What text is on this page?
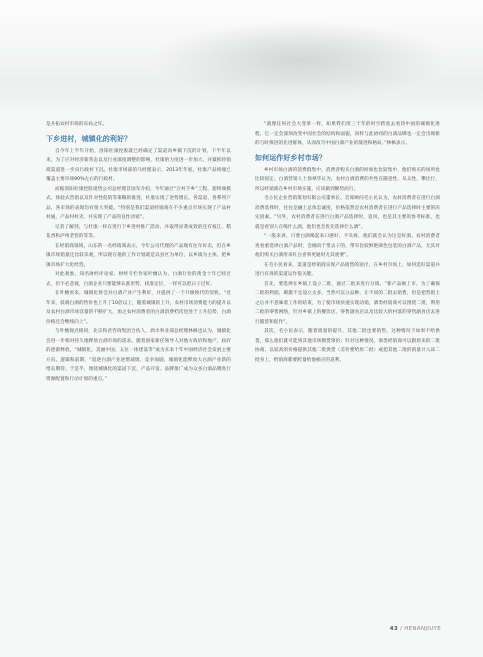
是开拓农村市场的布局之年。

下乡进村，城镇化的利好？

自今年上半年开始，洛阳杜康控股就已经确定了渠道向乡镇下沉的计划，下半年以来，为了应对经济新常态以及行业深度调整的影响，杜康的力度进一步加大，并紧抓经销商渠道进一步向行政村下沉。杜康市场部的马经理表示，2013年年底，杜康产品终端已覆盖主要市场90%左右的行政村。

而据洛阳杜康控股销售公司总经理首国军介绍，今年通过“万村千乡”工程、超终端模式、体验式营销以及针对性促销等策略的推进，杜康实现了逆势增长，各渠道、各系列产品、各市场的表现均有很大突破。“特别是我们渠道经销商在不少重点市场实现了产品村村通，产品村村卖，并实现了产品的良性动销”。

记者了解到，与杜康一样在进行下乡进村推广活动、并取得显著成效的还有枝江、稻花香和泸州老窖的等等。

在经销商领域，山东的一名经销商表示，今年公司代理的产品现有往年好卖，但在乡镇市场销量还比较乐观，所以现在他的工作计划就是以县区为单位，以乡镇为主体，把乡镇市场扩大化经营。

对此观象，知名财经评论家、财经专栏作家叶檀认为，白酒行业的黄金十年已经过去，但不必悲观，白酒企业只要能够认准形势，找准定位，一样可以把日子过好。

在叶檀看来，城镇化将会对白酒产业产生利好，并提供了一个升级换代的契机。“近年来，低端白酒的售价也上升了10倍以上，随着城镇的上升，农村市场消费能力的提升以及农村白酒市场容量的不断扩大，加之农村消费者的白酒消费档次也处于上升趋势，白酒价格还会继续向上”。

与叶檀观点相同，北京和君咨询集团合伙人、酒水事业部总经理林枫也认为，城镇化会进一步相对持久地释放白酒市场的需求。随着国家新任领导人对地方政府和地产，政府的逐渐释放，“城镇化、美丽中国、五位一体建设等”成为未来十年中国经济社会发展主要方向。逻辑和前期，“追逐白酒产业逆增减缓、竞争加剧，城镇化能释放大白酒产业新的增长期待。于是乎，围绕城镇化的渠道下沉，产品开发、品牌推广成为众多白酒品牌进行资源配置和行动计划的重点。”

“就像任何社会大变革一样，如果我们用三十年的时空跨度去看待中国的城镇化进程，它一定会深刻改变中国社会的结构和面貌，同样与此协同的白酒品牌也一定会出现新的与时俱进的先进群体，从而改写中国白酒产业的演进和格局。”林枫表示。

如何运作好乡村市场？

乡村市场白酒的消费群集中，消费者购买白酒的时间也比较集中，他们购买的场所也比较固定。白酒营销人士徐翠华认为，农村白酒消费的共性在随意性、从众性，攀比行，所以经销商在乡村市场实施，应该做到顺势而行。

毛小民企业营销策划有限公司董事长、首席顾问毛小民认为，农村消费者在进行白酒消费选择时，往往是融土总体忠诚度，价格依然是农村消费者在进行产品选择时主要的决定因素。“另外，农村消费者在进行白酒产品选择时，追风、也是其主要的参考标准，也就是看别人在喝什么酒，他们也会优先选择什么酒”。

“一般来讲，只要白酒喝起来口感好，不头疼，他们就会认为这是好酒。农村消费者更看重选择白酒产品时，会倾向于带去子的，带有比较鲜艳颜色包装的白酒产品，尤其对他们购买白酒用来红白喜事更通时尤其重要”。

在毛小民看来，渠道是经销商实现产品销售的途径，在乡村市场上，如何选好渠道并进行有效的渠道运作很关键。

首先，要选择在乡镇上设立二批，通过二批来进行分销。“新产品刚上市，为了确保二批的利润，刺激不宜设立太多，当然可以分品种，让不同的二批去销售，但是把营销上之后并不意味着工作的结束，为了使市场快速实现动销，酒类经销商可以围绕二批，利用二批的零售网络，针对乡镇上的餐饮店、零售副食店以及比较大的村落的零售副食店去进行铺货和促作”。

其次，毛小民表示，随着销量的提升，其他二批也要销售，这种情况下如果不给供货，那么他们就可能到其他市场倒货窜价；针对这种情况，酒类经销商可以跟原来的二批协商，以较高的价格提供其他二批供货（差价要给原二批）或把其他二批的销量计入该二批身上，给销商都要跨量给他相应的返利。

43 / HENANJIUYE
